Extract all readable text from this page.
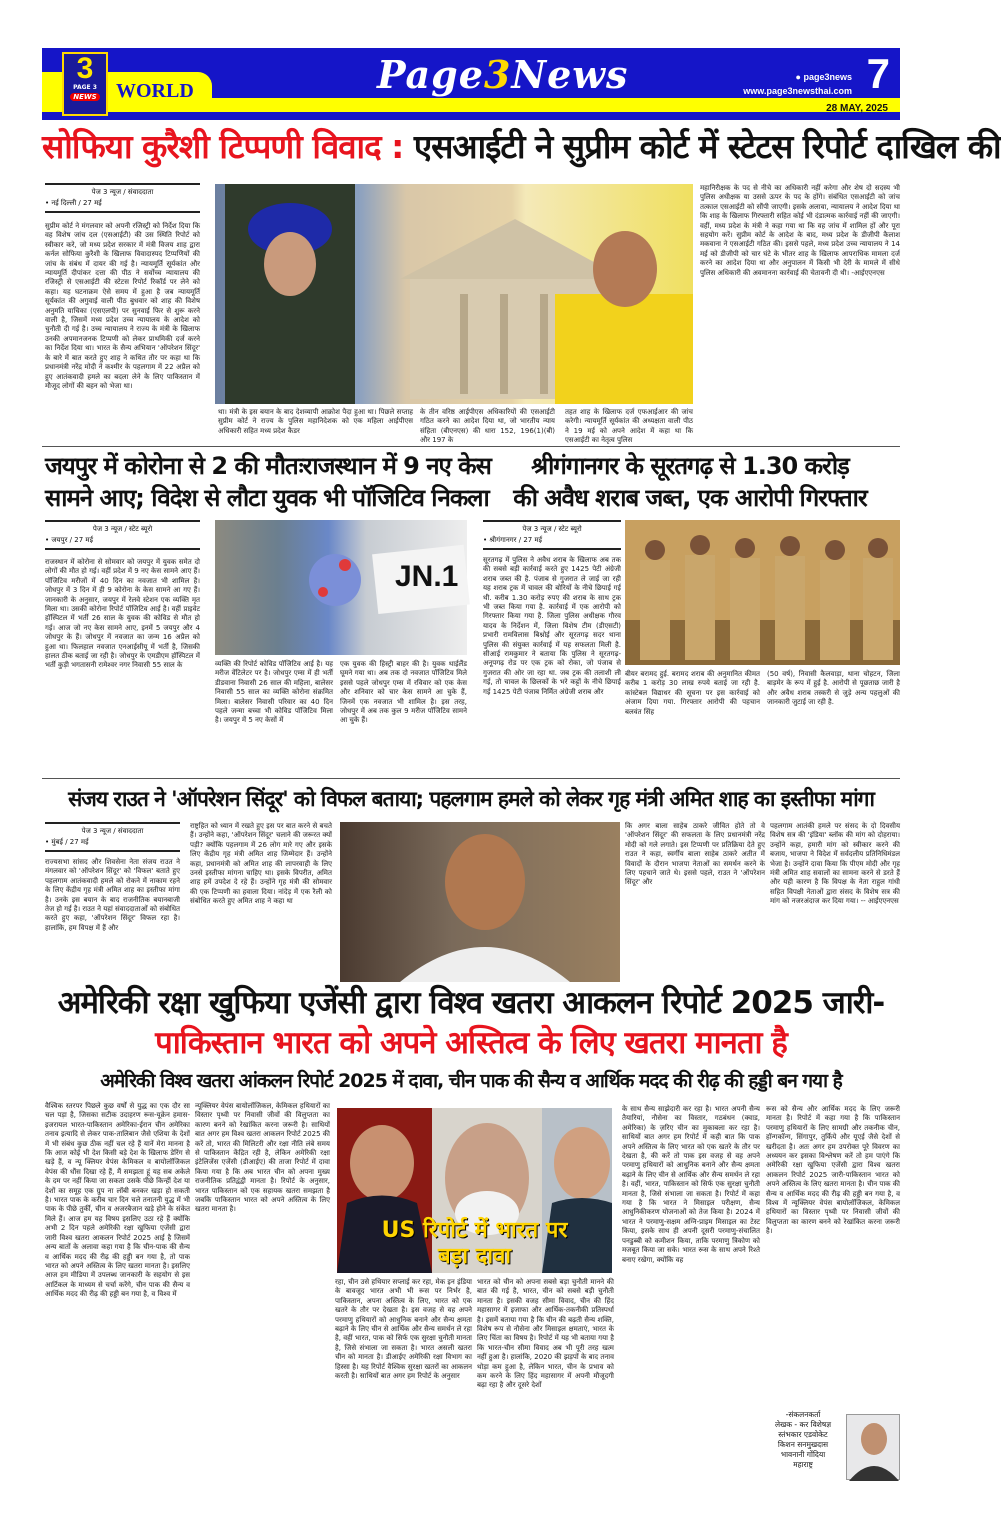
3
PAGE 3
NEWS WORLD	Page3News	● page3news
www.page3newsthai.com 7
28 MAY, 2025
सोफिया कुरैशी टिप्पणी विवाद : एसआईटी ने सुप्रीम कोर्ट में स्टेटस रिपोर्ट दाखिल की
पेज 3 न्यूज / संवाददाता
• नई दिल्ली / 27 मई
सुप्रीम कोर्ट ने मंगलवार को अपनी रजिस्ट्री को निर्देश दिया कि वह विशेष जांच दल (एसआईटी) की उस स्थिति रिपोर्ट को स्वीकार करे, जो मध्य प्रदेश सरकार में मंत्री विजय शाह द्वारा कर्नल सोफिया कुरैशी के खिलाफ विवादास्पद टिप्पणियों की जांच के संबंध में दायर की गई है। न्यायमूर्ति सूर्यकांत और न्यायमूर्ति दीपांकर दत्ता की पीठ ने सर्वोच्च न्यायालय की रजिस्ट्री से एसआईटी की स्टेटस रिपोर्ट रिकॉर्ड पर लेने को कहा। यह घटनाक्रम ऐसे समय में हुआ है जब न्यायमूर्ति सूर्यकांत की अगुवाई वाली पीठ बुधवार को शाह की विशेष अनुमति याचिका (एसएलपी) पर सुनवाई फिर से शुरू करने वाली है, जिसमें मध्य प्रदेश उच्च न्यायालय के आदेश को चुनौती दी गई है। उच्च न्यायालय ने राज्य के मंत्री के खिलाफ उनकी अपमानजनक टिप्पणी को लेकर प्राथमिकी दर्ज करने का निर्देश दिया था। भारत के सैन्य अभियान 'ऑपरेशन सिंदूर' के बारे में बात करते हुए शाह ने कथित तौर पर कहा था कि प्रधानमंत्री नरेंद्र मोदी ने कश्मीर के पहलगाम में 22 अप्रैल को हुए आतंकवादी हमले का बदला लेने के लिए पाकिस्तान में मौजूद लोगों की बहन को भेजा था।
था। मंत्री के इस बयान के बाद देशव्यापी आक्रोश पैदा हुआ था। पिछले सप्ताह सुप्रीम कोर्ट ने राज्य के पुलिस महानिदेशक को एक महिला आईपीएस अधिकारी सहित मध्य प्रदेश कैडर
के तीन वरिष्ठ आईपीएस अधिकारियों की एसआईटी गठित करने का आदेश दिया था, जो भारतीय न्याय संहिता (बीएनएस) की धारा 152, 196(1)(बी) और 197 के
तहत शाह के खिलाफ दर्ज एफआईआर की जांच करेगी। न्यायमूर्ति सूर्यकांत की अध्यक्षता वाली पीठ ने 19 मई को अपने आदेश में कहा था कि एसआईटी का नेतृत्व पुलिस
महानिरीक्षक के पद से नीचे का अधिकारी नहीं करेगा और शेष दो सदस्य भी पुलिस अधीक्षक या उससे ऊपर के पद के होंगे। संबंधित एसआईटी को जांच तत्काल एसआईटी को सौंपी जाएगी। इसके अलावा, न्यायालय ने आदेश दिया था कि शाह के खिलाफ गिरफ्तारी सहित कोई भी दंडात्मक कार्रवाई नहीं की जाएगी। वहीं, मध्य प्रदेश के मंत्री ने कहा गया था कि वह जांच में शामिल हों और पूरा सहयोग करें। सुप्रीम कोर्ट के आदेश के बाद, मध्य प्रदेश के डीजीपी कैलाश मकवाना ने एसआईटी गठित की। इससे पहले, मध्य प्रदेश उच्च न्यायालय ने 14 मई को डीजीपी को चार घंटे के भीतर शाह के खिलाफ आपराधिक मामला दर्ज करने का आदेश दिया था और अनुपालन में किसी भी देरी के मामले में सीधे पुलिस अधिकारी की अवमानना कार्रवाई की चेतावनी दी थी। -आईएएनएस
जयपुर में कोरोना से 2 की मौतःराजस्थान में 9 नए केस
सामने आए; विदेश से लौटा युवक भी पॉजिटिव निकला
पेज 3 न्यूज / स्टेट ब्यूरो
• जयपुर / 27 मई
राजस्थान में कोरोना से सोमवार को जयपुर में युवक समेत दो लोगों की मौत हो गई। वहीं प्रदेश में 9 नए केस सामने आए हैं। पॉजिटिव मरीजों में 40 दिन का नवजात भी शामिल है। जोधपुर में 3 दिन में ही 9 कोरोना के केस सामने आ गए हैं। जानकारी के अनुसार, जयपुर में रेलवे स्टेशन एक व्यक्ति मृत मिला था। उसकी कोरोना रिपोर्ट पॉजिटिव आई है। वहीं प्राइवेट हॉस्पिटल में भर्ती 26 साल के युवक की कोविड से मौत हो गई। आज जो नए केस सामने आए, इनमें 5 जयपुर और 4 जोधपुर के हैं। जोधपुर में नवजात का जन्म 16 अप्रैल को हुआ था। फिलहाल नवजात एनआईसीयू में भर्ती है, जिसकी हालत ठीक बताई जा रही है। जोधपुर के एमडीएम हॉस्पिटल में भर्ती कुड़ी भगतासनी रामेश्वर नगर निवासी 55 साल के
JN.1
व्यक्ति की रिपोर्ट कोविड पॉजिटिव आई है। यह मरीज वेंटिलेटर पर है। जोधपुर एम्स में ही भर्ती डीडवाना निवासी 26 साल की महिला, बालेसर निवासी 55 साल का व्यक्ति कोरोना संक्रमित मिला। बालेसर निवासी परिवार का 40 दिन पहले जन्मा बच्चा भी कोविड पॉजिटिव मिला है। जयपुर में 5 नए केसों में
एक युवक की हिस्ट्री बाहर की है। युवक थाईलैंड घूमने गया था। अब तक दो नवजात पॉजिटिव मिले इससे पहले जोधपुर एम्स में रविवार को एक केस और शनिवार को चार केस सामने आ चुके हैं, जिनमें एक नवजात भी शामिल है। इस तरह, जोधपुर में अब तक कुल 9 मरीज पॉजिटिव सामने आ चुके हैं।
श्रीगंगानगर के सूरतगढ़ से 1.30 करोड़
की अवैध शराब जब्त, एक आरोपी गिरफ्तार
पेज 3 न्यूज / स्टेट ब्यूरो
• श्रीगंगानगर / 27 मई
सूरतगढ़ में पुलिस ने अवैध शराब के खिलाफ अब तक की सबसे बड़ी कार्रवाई करते हुए 1425 पेटी अंग्रेजी शराब जब्त की है. पंजाब से गुजरात ले जाई जा रही यह शराब ट्रक में चावल की बोरियों के नीचे छिपाई गई थी. करीब 1.30 करोड़ रुपए की शराब के साथ ट्रक भी जब्त किया गया है. कार्रवाई में एक आरोपी को गिरफ्तार किया गया है. जिला पुलिस अधीक्षक गौरव यादव के निर्देशन में, जिला विशेष टीम (डीएसटी) प्रभारी रामविलास बिश्नोई और सूरतगढ़ सदर थाना पुलिस की संयुक्त कार्रवाई में यह सफलता मिली है. सीआई रामकुमार ने बताया कि पुलिस ने सूरतगढ़-अनूपगढ़ रोड पर एक ट्रक को रोका, जो पंजाब से गुजरात की ओर जा रहा था. जब ट्रक की तलाशी ली गई, तो चावल के छिलकों के भरे कट्टों के नीचे छिपाई गई 1425 पेटी पंजाब निर्मित अंग्रेजी शराब और
बीयर बरामद हुई. बरामद शराब की अनुमानित कीमत करीब 1 करोड़ 30 लाख रुपये बताई जा रही है. कांस्टेबल विद्याधर की सूचना पर इस कार्रवाई को अंजाम दिया गया. गिरफ्तार आरोपी की पहचान बलवंत सिंह
(50 वर्ष), निवासी कैलवाड़ा, थाना चोहटन, जिला बाड़मेर के रूप में हुई है. आरोपी से पूछताछ जारी है और अवैध शराब तस्करी से जुड़े अन्य पहलुओं की जानकारी जुटाई जा रही है.
संजय राउत ने 'ऑपरेशन सिंदूर' को विफल बताया; पहलगाम हमले को लेकर गृह मंत्री अमित शाह का इस्तीफा मांगा
पेज 3 न्यूज / संवाददाता
• मुंबई / 27 मई
राज्यसभा सांसद और शिवसेना नेता संजय राउत ने मंगलवार को 'ऑपरेशन सिंदूर' को 'विफल' बताते हुए पहलगाम आतंकवादी हमले को रोकने में नाकाम रहने के लिए केंद्रीय गृह मंत्री अमित शाह का इस्तीफा मांगा है। उनके इस बयान के बाद राजनीतिक बयानबाजी तेज हो गई है। राउत ने यहां संवाददाताओं को संबोधित करते हुए कहा, 'ऑपरेशन सिंदूर' विफल रहा है। हालांकि, हम विपक्ष में हैं और
राष्ट्रहित को ध्यान में रखते हुए इस पर बात करने से बचते हैं। उन्होंने कहा, 'ऑपरेशन सिंदूर' चलाने की जरूरत क्यों पड़ी? क्योंकि पहलगाम में 26 लोग मारे गए और इसके लिए केंद्रीय गृह मंत्री अमित शाह जिम्मेदार हैं। उन्होंने कहा, प्रधानमंत्री को अमित शाह की लापरवाही के लिए उनसे इस्तीफा मांगना चाहिए था। इसके विपरीत, अमित शाह हमें उपदेश दे रहे हैं। उन्होंने गृह मंत्री की सोमवार की एक टिप्पणी का हवाला दिया। नांदेड़ में एक रैली को संबोधित करते हुए अमित शाह ने कहा था
कि अगर बाला साहेब ठाकरे जीवित होते तो वे 'ऑपरेशन सिंदूर' की सफलता के लिए प्रधानमंत्री नरेंद्र मोदी को गले लगाते। इस टिप्पणी पर प्रतिक्रिया देते हुए राउत ने कहा, स्वर्गीय बाला साहेब ठाकरे अतीत में विवादों के दौरान भाजपा नेताओं का समर्थन करने के लिए पहचाने जाते थे। इससे पहले, राउत ने 'ऑपरेशन सिंदूर' और
पहलगाम आतंकी हमले पर संसद के दो दिवसीय विशेष सत्र की 'इंडिया' ब्लॉक की मांग को दोहराया। उन्होंने कहा, हमारी मांग को स्वीकार करने की बजाय, भाजपा ने विदेश में सर्वदलीय प्रतिनिधिमंडल भेजा है। उन्होंने दावा किया कि पीएम मोदी और गृह मंत्री अमित शाह सवालों का सामना करने से डरते हैं और यही कारण है कि विपक्ष के नेता राहुल गांधी सहित विपक्षी नेताओं द्वारा संसद के विशेष सत्र की मांग को नजरअंदाज कर दिया गया। -- आईएएनएस
अमेरिकी रक्षा खुफिया एजेंसी द्वारा विश्व खतरा आकलन रिपोर्ट 2025 जारी-
पाकिस्तान भारत को अपने अस्तित्व के लिए खतरा मानता है
अमेरिकी विश्व खतरा आंकलन रिपोर्ट 2025 में दावा, चीन पाक की सैन्य व आर्थिक मदद की रीढ़ की हड्डी बन गया है
वैश्विक स्तरपर पिछले कुछ वर्षों से युद्ध का एक दौर सा चल पड़ा है, जिसका सटीक उदाहरण रूस-यूक्रेन हमास-इजरायल भारत-पाकिस्तान अमेरिका-ईरान चीन अमेरिका तनाव इत्यादि से लेकर पाक-तालिबान जैसे एशिया के देशों में भी संबंध कुछ ठीक नहीं चल रहे हैं यानें मेरा मानना है कि आज कोई भी देश किसी बड़े देश के खिलाफ डेरिंग से खड़े हैं, व न्यू क्लियर वेपंस केमिकल व बायोलॉजिकल वेपंस की धौंस दिखा रहे हैं, मैं समझता हूं यह सब अकेले के दम पर नहीं किया जा सकता उसके पीछे किन्हीं देश या देशों का समूह एक ग्रुप ना लॉबी बनकर खड़ा हो सकती है। भारत पाक के करीब चार दिन चले तनातनी युद्ध में भी पाक के पीछे तुर्की, चीन व अजरबैजान खड़े होने के संकेत मिले हैं। आज हम यह विषय इसलिए उठा रहे हैं क्योंकि अभी 2 दिन पहले अमेरिकी रक्षा खुफिया एजेंसी द्वारा जारी विश्व खतरा आकलन रिपोर्ट 2025 आई है जिसमें अन्य बातों के अलावा कहा गया है कि चीन-पाक की सैन्य व आर्थिक मदद की रीढ़ की हड्डी बन गया है, तो पाक भारत को अपने अस्तित्व के लिए खतरा मानता है। इसलिए आज हम मीडिया में उपलब्ध जानकारी के सहयोग से इस आर्टिकल के माध्यम से चर्चा करेंगे, चीन पाक की सैन्य व आर्थिक मदद की रीढ़ की हड्डी बन गया है, व विश्व में
न्यूक्लियर वेपंस बायोलॉजिकल, केमिकल हथियारों का विस्तार पृथ्वी पर निवासी जीवों की विलुप्तता का कारण बनने को रेखांकित करना जरूरी है। साथियों बात अगर हम विश्व खतरा आकलन रिपोर्ट 2025 की करें तो, भारत की मिलिटरी और रक्षा नीति लंबे समय से पाकिस्तान केंद्रित रही है, लेकिन अमेरिकी रक्षा इंटेलिजेंस एजेंसी (डीआईए) की ताजा रिपोर्ट में दावा किया गया है कि अब भारत चीन को अपना मुख्य राजनीतिक प्रतिद्वंद्वी मानता है। रिपोर्ट के अनुसार, भारत पाकिस्तान को एक सहायक खतरा समझता है जबकि पाकिस्तान भारत को अपने अस्तित्व के लिए खतरा मानता है।
US रिपोर्ट में भारत पर
बड़ा दावा
रहा, चीन उसे हथियार सप्लाई कर रहा, मेक इन इंडिया के बावजूद भारत अभी भी रूस पर निर्भर है, पाकिस्तान, अपना अस्तित्व के लिए, भारत को एक खतरे के तौर पर देखता है। इस वजह से वह अपने परमाणु हथियारों को आधुनिक बनाने और सैन्य क्षमता बढ़ाने के लिए चीन से आर्थिक और सैन्य समर्थन ले रहा है, वहीं भारत, पाक को सिर्फ एक सुरक्षा चुनौती मानता है, जिसे संभाला जा सकता है। भारत असली खतरा चीन को मानता है। डीआईए अमेरिकी रक्षा विभाग का हिस्सा है। यह रिपोर्ट वैश्विक सुरक्षा खतरों का आकलन करती है। साथियों बात अगर हम रिपोर्ट के अनुसार
भारत को चीन को अपना सबसे बड़ा चुनौती मानने की बात की गई है, भारत, चीन को सबसे बड़ी चुनौती मानता है। इसकी वजह सीमा विवाद, चीन की हिंद महासागर में इजाफा और आर्थिक-तकनीकी प्रतिस्पर्धा है। इसमें बताया गया है कि चीन की बढ़ती सैन्य शक्ति, विशेष रूप से नौसेना और मिसाइल क्षमताएं, भारत के लिए चिंता का विषय है। रिपोर्ट में यह भी बताया गया है कि भारत-चीन सीमा विवाद अब भी पूरी तरह खत्म नहीं हुआ है। हालांकि, 2020 की झड़पों के बाद तनाव थोड़ा कम हुआ है, लेकिन भारत, चीन के प्रभाव को कम करने के लिए हिंद महासागर में अपनी मौजूदगी बढ़ा रहा है और दूसरे देशों
के साथ सैन्य साझेदारी कर रहा है। भारत अपनी सैन्य तैयारियां, नौसेना का विस्तार, गठबंधन (क्वाड, अमेरिका) के ज़रिए चीन का मुकाबला कर रहा है। साथियों बात अगर हम रिपोर्ट में कही बात कि पाक अपने अस्तित्व के लिए भारत को एक खतरे के तौर पर देखता है, की करें तो पाक इस वजह से वह अपने परमाणु हथियारों को आधुनिक बनाने और सैन्य क्षमता बढ़ाने के लिए चीन से आर्थिक और सैन्य समर्थन ले रहा है। वहीं, भारत, पाकिस्तान को सिर्फ एक सुरक्षा चुनौती मानता है, जिसे संभाला जा सकता है। रिपोर्ट में कहा गया है कि भारत ने मिसाइल परीक्षण, सैन्य आधुनिकीकरण योजनाओं को तेज किया है। 2024 में भारत ने परमाणु-सक्षम अग्नि-प्राइम मिसाइल का टेस्ट किया, इसके साथ ही अपनी दूसरी परमाणु-संचालित पनडुब्बी को कमीशन किया, ताकि परमाणु त्रिकोण को मजबूत किया जा सके। भारत रूस के साथ अपने रिश्ते बनाए रखेगा, क्योंकि वह
रूस को सैन्य और आर्थिक मदद के लिए जरूरी मानता है। रिपोर्ट में कहा गया है कि पाकिस्तान परमाणु हथियारों के लिए सामग्री और तकनीक चीन, हॉन्गकॉन्ग, सिंगापुर, तुर्किये और यूएई जैसे देशों से खरीदता है। अतः अगर हम उपरोक्त पूरे विवरण का अध्ययन कर इसका विश्लेषण करें तो हम पाएंगे कि अमेरिकी रक्षा खुफिया एजेंसी द्वारा विश्व खतरा आकलन रिपोर्ट 2025 जारी-पाकिस्तान भारत को अपने अस्तित्व के लिए खतरा मानता है। चीन पाक की सैन्य व आर्थिक मदद की रीढ़ की हड्डी बन गया है, व विश्व में न्यूक्लियर वेपंस बायोलॉजिकल, केमिकल हथियारों का विस्तार पृथ्वी पर निवासी जीवों की विलुप्तता का कारण बनने को रेखांकित करना जरूरी है।
-संकलनकर्ता
लेखक - कर विशेषज्ञ
स्तंभकार एडवोकेट
किशन सनमुखदास
भावनानी गोंदिया
महाराष्ट्र
